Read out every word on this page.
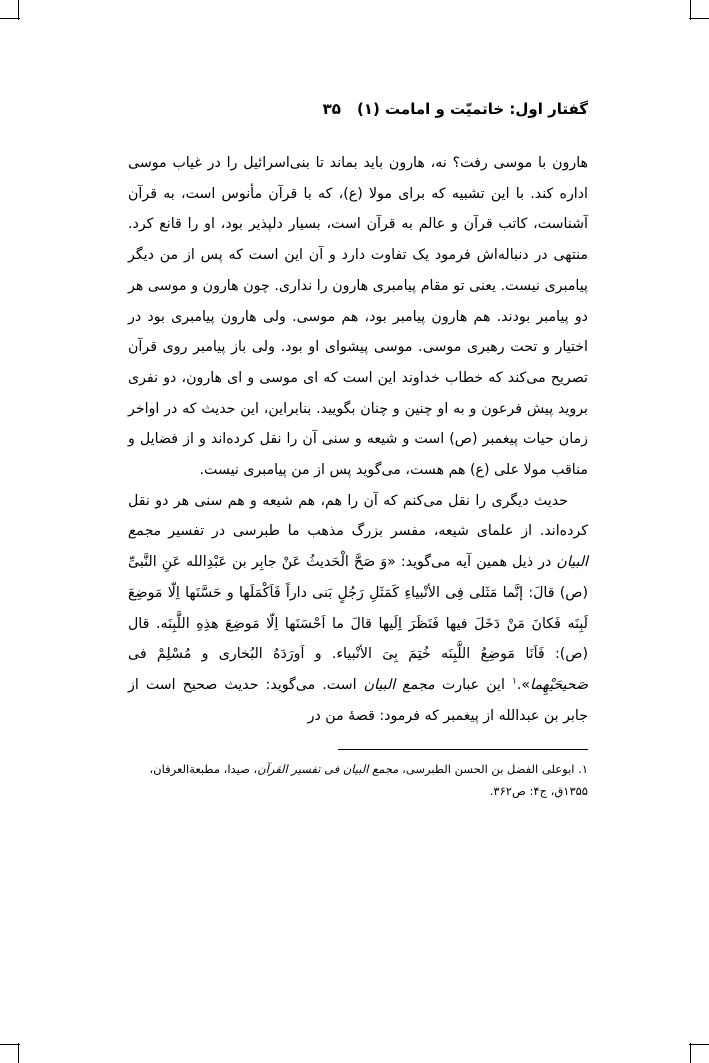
گفتار اول: خاتمیّت و امامت (۱)
۳۵

هارون با موسی رفت؟ نه، هارون باید بماند تا بنی‌اسرائیل را در غیاب موسی اداره کند. با این تشبیه که برای مولا (ع)، که با قرآن مأنوس است، به قرآن آشناست، کاتب قرآن و عالم به قرآن است، بسیار دلپذیر بود، او را قانع کرد. منتهی در دنباله‌اش فرمود یک تفاوت دارد و آن این است که پس از من دیگر پیامبری نیست. یعنی تو مقام پیامبری هارون را نداری. چون هارون و موسی هر دو پیامبر بودند. هم هارون پیامبر بود، هم موسی. ولی هارون پیامبری بود در اختیار و تحت رهبری موسی. موسی پیشوای او بود. ولی باز پیامبر روی قرآن تصریح می‌کند که خطاب خداوند این است که ای موسی و ای هارون، دو نفری بروید پیش فرعون و به او چنین و چنان بگویید. بنابراین، این حدیث که در اواخر زمان حیات پیغمبر (ص) است و شیعه و سنی آن را نقل کرده‌اند و از فضایل و مناقب مولا علی (ع) هم هست، می‌گوید پس از من پیامبری نیست.

حدیث دیگری را نقل می‌کنم که آن را هم، هم شیعه و هم سنی هر دو نقل کرده‌اند. از علمای شیعه، مفسر بزرگ مذهب ما طبرسی در تفسیر مجمع البیان در ذیل همین آیه می‌گوید: «وَ صَحَّ الْحَدیثُ عَنْ جابِر بن عَبْدِالله عَنِ النَّبیِّ (ص) قالَ: إنَّما مَثَلی فِی الأنْبیاءِ کَمَثَلِ رَجُلٍ بَنی داراً فَاَکْمَلَها و حَسَّنَها اِلّا مَوضِعَ لَبِنَه فَکانَ مَنْ دَخَلَ فیها فَنَظَرَ اِلَیها قالَ ما اَحْسَنَها اِلّا مَوضِعَ هذِهِ اللَّبِنَه. قال (ص): فَاَنَا مَوضِعُ اللَّبِنَه خُتِمَ بِیَ الأنْبیاء. و اَورَدَهُ البُخاری و مُسْلِمْ فی صَحیحَیْهِما».$^۱$ این عبارت مجمع البیان است. می‌گوید: حدیث صحیح است از جابر بن عبدالله از پیغمبر که فرمود: قصهٔ من در

۱. ابوعلی الفضل بن الحسن الطبرسی، مجمع البیان فی تفسیر القرآن، صیدا، مطبعةالعرفان، ۱۳۵۵ق، ج۴: ص۳۶۲.
